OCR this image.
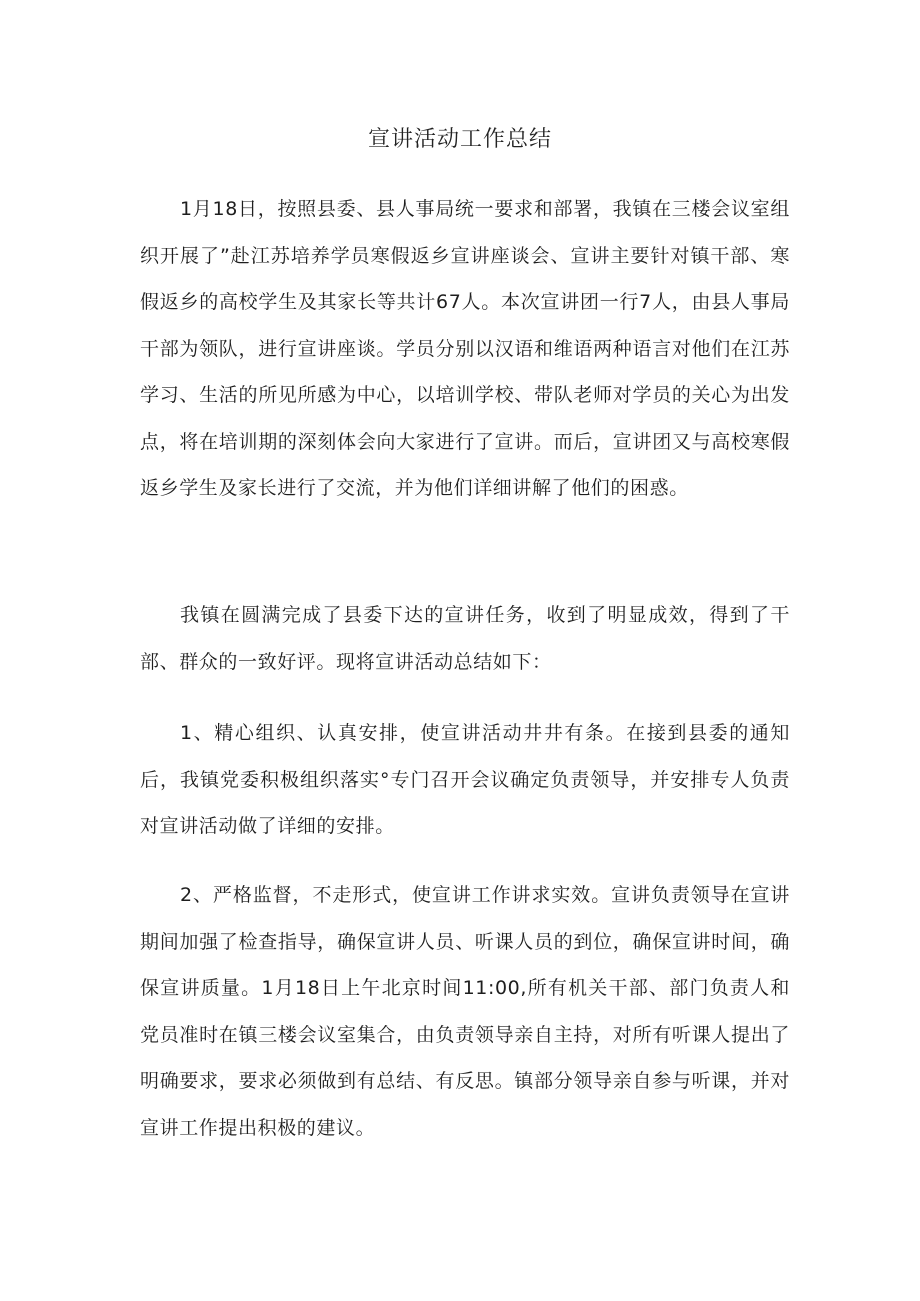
宣讲活动工作总结

1月18日，按照县委、县人事局统一要求和部署，我镇在三楼会议室组织开展了”赴江苏培养学员寒假返乡宣讲座谈会、宣讲主要针对镇干部、寒假返乡的高校学生及其家长等共计67人。本次宣讲团一行7人，由县人事局干部为领队，进行宣讲座谈。学员分别以汉语和维语两种语言对他们在江苏学习、生活的所见所感为中心，以培训学校、带队老师对学员的关心为出发点，将在培训期的深刻体会向大家进行了宣讲。而后，宣讲团又与高校寒假返乡学生及家长进行了交流，并为他们详细讲解了他们的困惑。

我镇在圆满完成了县委下达的宣讲任务，收到了明显成效，得到了干部、群众的一致好评。现将宣讲活动总结如下：

1、精心组织、认真安排，使宣讲活动井井有条。在接到县委的通知后，我镇党委积极组织落实°专门召开会议确定负责领导，并安排专人负责对宣讲活动做了详细的安排。

2、严格监督，不走形式，使宣讲工作讲求实效。宣讲负责领导在宣讲期间加强了检查指导，确保宣讲人员、听课人员的到位，确保宣讲时间，确保宣讲质量。1月18日上午北京时间11:00,所有机关干部、部门负责人和党员准时在镇三楼会议室集合，由负责领导亲自主持，对所有听课人提出了明确要求，要求必须做到有总结、有反思。镇部分领导亲自参与听课，并对宣讲工作提出积极的建议。
